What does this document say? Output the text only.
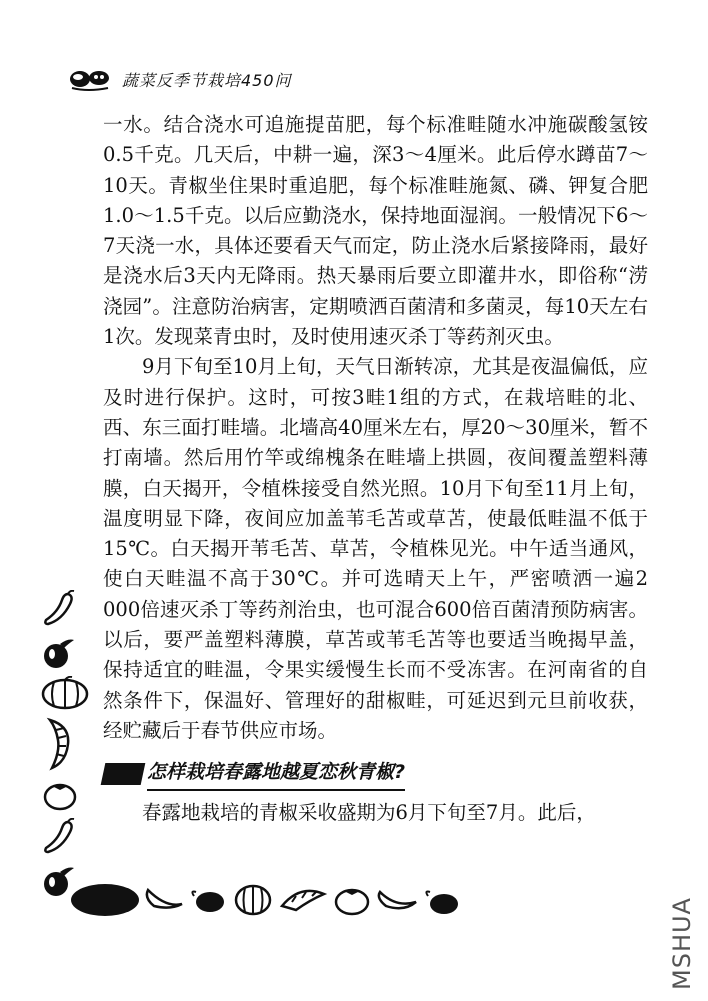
蔬菜反季节栽培450问

一水。结合浇水可追施提苗肥，每个标准畦随水冲施碳酸氢铵0.5千克。几天后，中耕一遍，深3～4厘米。此后停水蹲苗7～10天。青椒坐住果时重追肥，每个标准畦施氮、磷、钾复合肥1.0～1.5千克。以后应勤浇水，保持地面湿润。一般情况下6～7天浇一水，具体还要看天气而定，防止浇水后紧接降雨，最好是浇水后3天内无降雨。热天暴雨后要立即灌井水，即俗称“涝浇园”。注意防治病害，定期喷洒百菌清和多菌灵，每10天左右1次。发现菜青虫时，及时使用速灭杀丁等药剂灭虫。

9月下旬至10月上旬，天气日渐转凉，尤其是夜温偏低，应及时进行保护。这时，可按3畦1组的方式，在栽培畦的北、西、东三面打畦墙。北墙高40厘米左右，厚20～30厘米，暂不打南墙。然后用竹竿或绵槐条在畦墙上拱圆，夜间覆盖塑料薄膜，白天揭开，令植株接受自然光照。10月下旬至11月上旬，温度明显下降，夜间应加盖苇毛苫或草苫，使最低畦温不低于15℃。白天揭开苇毛苫、草苫，令植株见光。中午适当通风，使白天畦温不高于30℃。并可选晴天上午，严密喷洒一遍2 000倍速灭杀丁等药剂治虫，也可混合600倍百菌清预防病害。以后，要严盖塑料薄膜，草苫或苇毛苫等也要适当晚揭早盖，保持适宜的畦温，令果实缓慢生长而不受冻害。在河南省的自然条件下，保温好、管理好的甜椒畦，可延迟到元旦前收获，经贮藏后于春节供应市场。

怎样栽培春露地越夏恋秋青椒?

春露地栽培的青椒采收盛期为6月下旬至7月。此后，

MSHUA
